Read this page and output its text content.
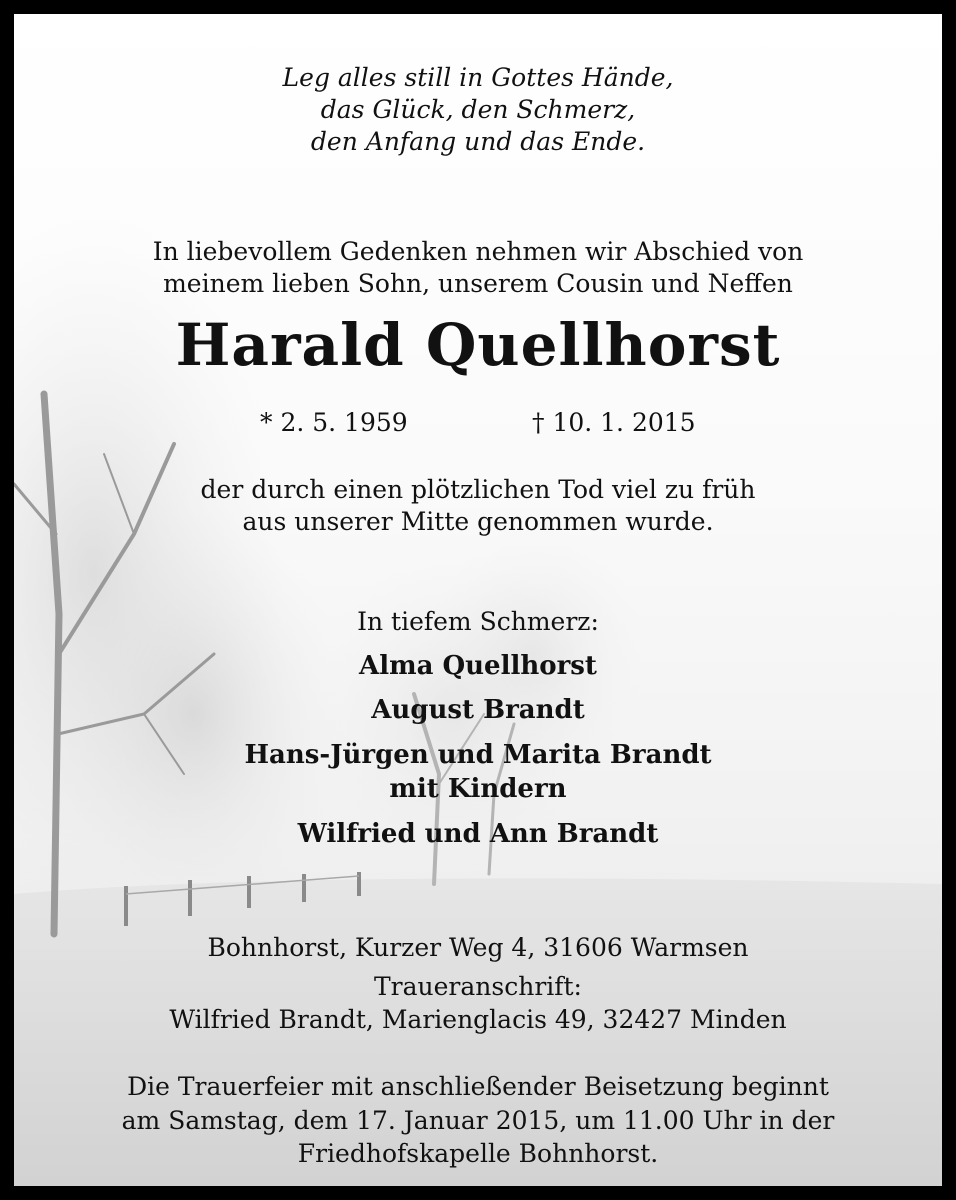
Leg alles still in Gottes Hände,

das Glück, den Schmerz,

den Anfang und das Ende.

In liebevollem Gedenken nehmen wir Abschied von

meinem lieben Sohn, unserem Cousin und Neffen

Harald Quellhorst

* 2. 5. 1959	† 10. 1. 2015

der durch einen plötzlichen Tod viel zu früh

aus unserer Mitte genommen wurde.

In tiefem Schmerz:

Alma Quellhorst

August Brandt

Hans-Jürgen und Marita Brandt

mit Kindern

Wilfried und Ann Brandt

Bohnhorst, Kurzer Weg 4, 31606 Warmsen

Traueranschrift:

Wilfried Brandt, Marienglacis 49, 32427 Minden

Die Trauerfeier mit anschließender Beisetzung beginnt

am Samstag, dem 17. Januar 2015, um 11.00 Uhr in der

Friedhofskapelle Bohnhorst.
